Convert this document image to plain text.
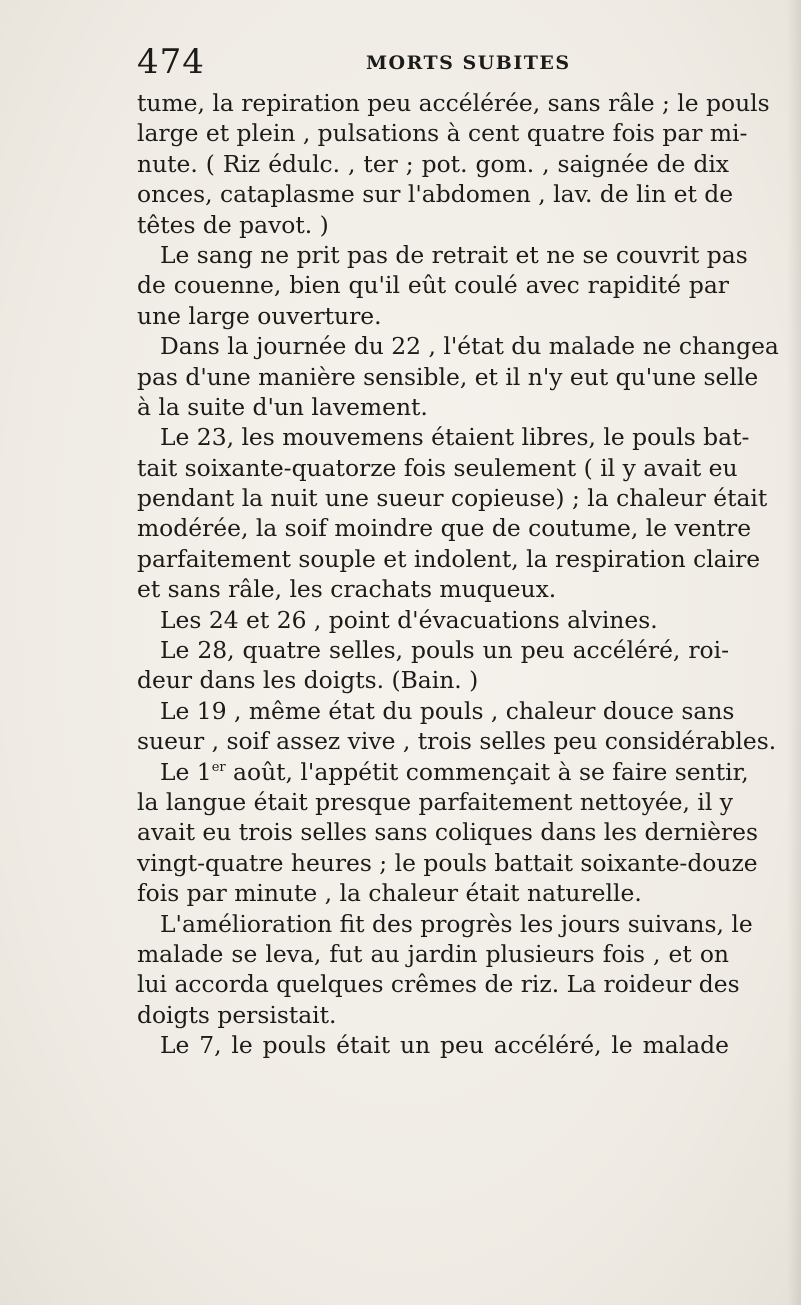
474	MORTS SUBITES
tume, la repiration peu accélérée, sans râle ; le pouls
large et plein , pulsations à cent quatre fois par mi-
nute. ( Riz édulc. , ter ; pot. gom. , saignée de dix
onces, cataplasme sur l'abdomen , lav. de lin et de
têtes de pavot. )
Le sang ne prit pas de retrait et ne se couvrit pas
de couenne, bien qu'il eût coulé avec rapidité par
une large ouverture.
Dans la journée du 22 , l'état du malade ne changea
pas d'une manière sensible, et il n'y eut qu'une selle
à la suite d'un lavement.
Le 23, les mouvemens étaient libres, le pouls bat-
tait soixante-quatorze fois seulement ( il y avait eu
pendant la nuit une sueur copieuse) ; la chaleur était
modérée, la soif moindre que de coutume, le ventre
parfaitement souple et indolent, la respiration claire
et sans râle, les crachats muqueux.
Les 24 et 26 , point d'évacuations alvines.
Le 28, quatre selles, pouls un peu accéléré, roi-
deur dans les doigts. (Bain. )
Le 19 , même état du pouls , chaleur douce sans
sueur , soif assez vive , trois selles peu considérables.
Le 1er août, l'appétit commençait à se faire sentir,
la langue était presque parfaitement nettoyée, il y
avait eu trois selles sans coliques dans les dernières
vingt-quatre heures ; le pouls battait soixante-douze
fois par minute , la chaleur était naturelle.
L'amélioration fit des progrès les jours suivans, le
malade se leva, fut au jardin plusieurs fois , et on
lui accorda quelques crêmes de riz. La roideur des
doigts persistait.
Le 7, le pouls était un peu accéléré, le malade
